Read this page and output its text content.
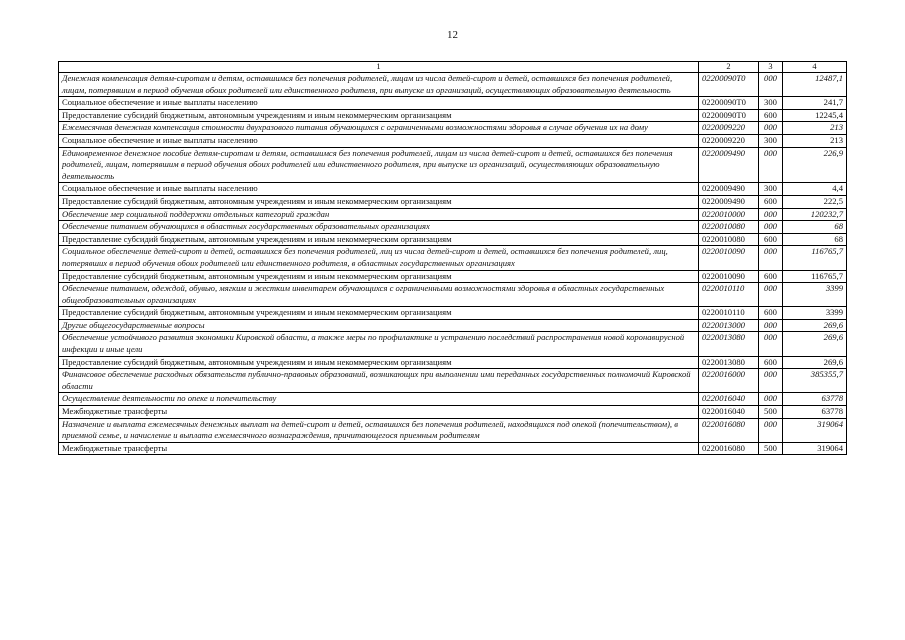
12
1	2	3	4
Денежная компенсация детям-сиротам и детям, оставшимся без попечения родителей, лицам из числа детей-сирот и детей, оставшихся без попечения родителей, лицам, потерявшим в период обучения обоих родителей или единственного родителя, при выпуске из организаций, осуществляющих образовательную деятельность	02200090Т0	000	12487,1
Социальное обеспечение и иные выплаты населению	02200090Т0	300	241,7
Предоставление субсидий бюджетным, автономным учреждениям и иным некоммерческим организациям	02200090Т0	600	12245,4
Ежемесячная денежная компенсация стоимости двухразового питания обучающихся с ограниченными возможностями здоровья в случае обучения их на дому	0220009220	000	213
Социальное обеспечение и иные выплаты населению	0220009220	300	213
Единовременное денежное пособие детям-сиротам и детям, оставшимся без попечения родителей, лицам из числа детей-сирот и детей, оставшихся без попечения родителей, лицам, потерявшим в период обучения обоих родителей или единственного родителя, при выпуске из организаций, осуществляющих образовательную деятельность	0220009490	000	226,9
Социальное обеспечение и иные выплаты населению	0220009490	300	4,4
Предоставление субсидий бюджетным, автономным учреждениям и иным некоммерческим организациям	0220009490	600	222,5
Обеспечение мер социальной поддержки отдельных категорий граждан	0220010000	000	120232,7
Обеспечение питанием обучающихся в областных государственных образовательных организациях	0220010080	000	68
Предоставление субсидий бюджетным, автономным учреждениям и иным некоммерческим организациям	0220010080	600	68
Социальное обеспечение детей-сирот и детей, оставшихся без попечения родителей, лиц из числа детей-сирот и детей, оставшихся без попечения родителей, лиц, потерявших в период обучения обоих родителей или единственного родителя, в областных государственных организациях	0220010090	000	116765,7
Предоставление субсидий бюджетным, автономным учреждениям и иным некоммерческим организациям	0220010090	600	116765,7
Обеспечение питанием, одеждой, обувью, мягким и жестким инвентарем обучающихся с ограниченными возможностями здоровья в областных государственных общеобразовательных организациях	0220010110	000	3399
Предоставление субсидий бюджетным, автономным учреждениям и иным некоммерческим организациям	0220010110	600	3399
Другие общегосударственные вопросы	0220013000	000	269,6
Обеспечение устойчивого развития экономики Кировской области, а также меры по профилактике и устранению последствий распространения новой коронавирусной инфекции и иные цели	0220013080	000	269,6
Предоставление субсидий бюджетным, автономным учреждениям и иным некоммерческим организациям	0220013080	600	269,6
Финансовое обеспечение расходных обязательств публично-правовых образований, возникающих при выполнении ими переданных государственных полномочий Кировской области	0220016000	000	385355,7
Осуществление деятельности по опеке и попечительству	0220016040	000	63778
Межбюджетные трансферты	0220016040	500	63778
Назначение и выплата ежемесячных денежных выплат на детей-сирот и детей, оставшихся без попечения родителей, находящихся под опекой (попечительством), в приемной семье, и начисление и выплата ежемесячного вознаграждения, причитающегося приемным родителям	0220016080	000	319064
Межбюджетные трансферты	0220016080	500	319064
